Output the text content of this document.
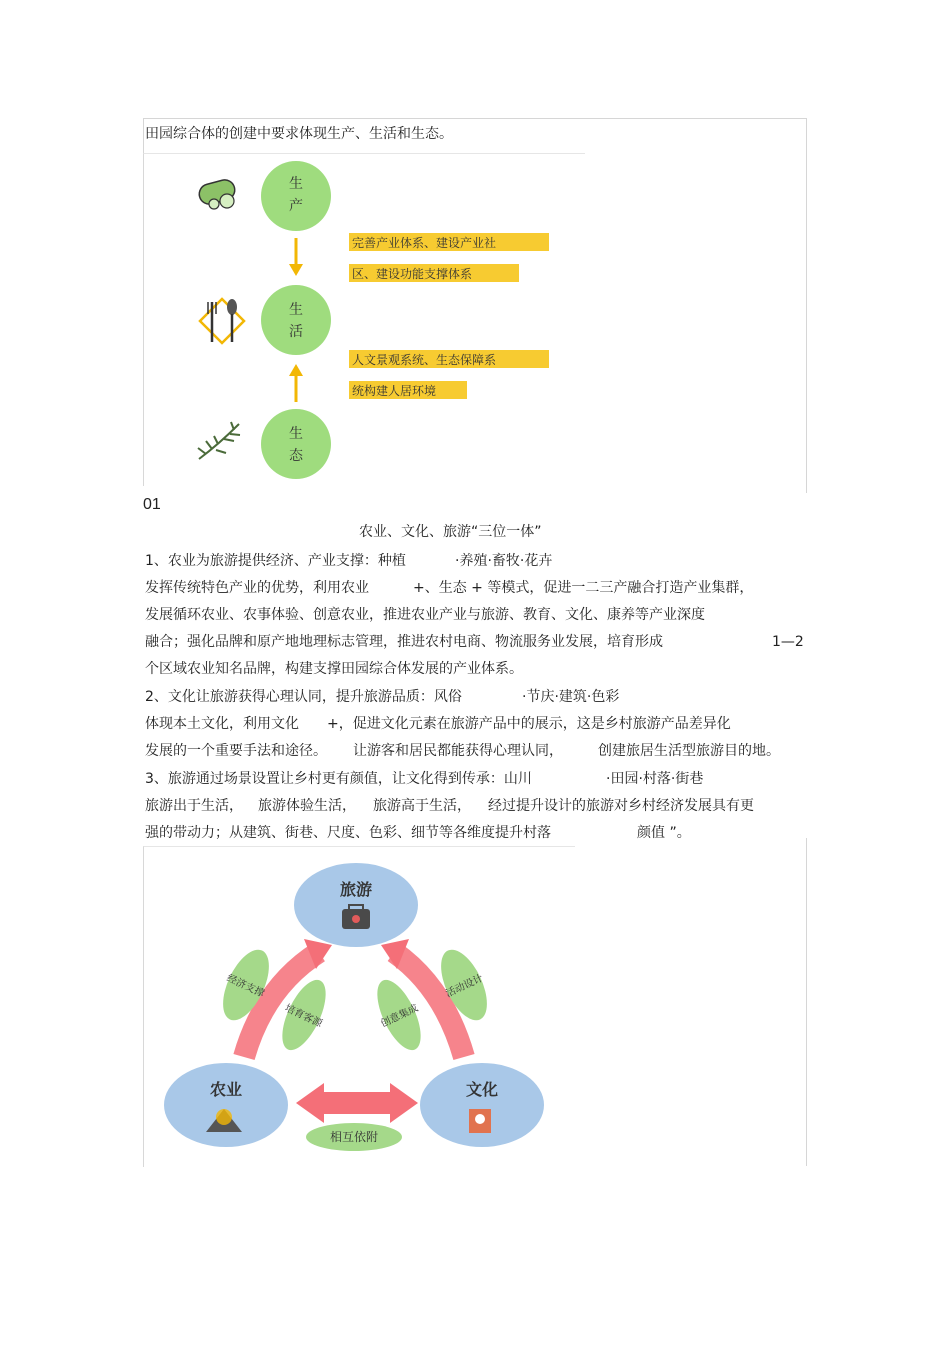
田园综合体的创建中要求体现生产、生活和生态。
生
产
生
活
生
态
完善产业体系、建设产业社
区、建设功能支撑体系
人文景观系统、生态保障系
统构建人居环境
01
农业、文化、旅游“三位一体”
1、农业为旅游提供经济、产业支撑：种植	·养殖·畜牧·花卉
发挥传统特色产业的优势，利用农业	+、生态 + 等模式，促进一二三产融合打造产业集群，
发展循环农业、农事体验、创意农业，推进农业产业与旅游、教育、文化、康养等产业深度
融合；强化品牌和原产地地理标志管理，推进农村电商、物流服务业发展，培育形成	1—2
个区域农业知名品牌，构建支撑田园综合体发展的产业体系。
2、文化让旅游获得心理认同，提升旅游品质：风俗	·节庆·建筑·色彩
体现本土文化，利用文化 +，促进文化元素在旅游产品中的展示，这是乡村旅游产品差异化
发展的一个重要手法和途径。 让游客和居民都能获得心理认同，	创建旅居生活型旅游目的地。
3、旅游通过场景设置让乡村更有颜值，让文化得到传承：山川	·田园·村落·街巷
旅游出于生活， 旅游体验生活， 旅游高于生活， 经过提升设计的旅游对乡村经济发展具有更
强的带动力；从建筑、街巷、尺度、色彩、细节等各维度提升村落	颜值 ”。
旅游
农业	文化
经济支撑
培育客源	创意集成
活动设计
相互依附
